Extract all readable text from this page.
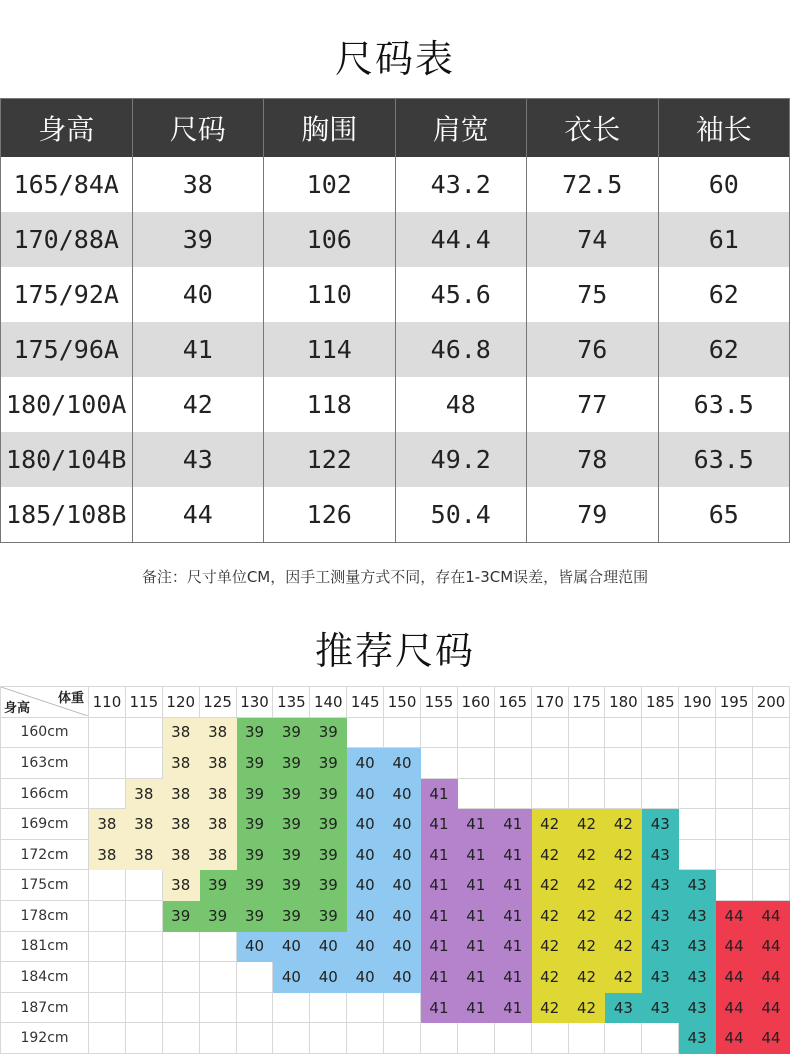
尺码表
身高	尺码	胸围	肩宽	衣长	袖长
165/84A	38	102	43.2	72.5	60
170/88A	39	106	44.4	74	61
175/92A	40	110	45.6	75	62
175/96A	41	114	46.8	76	62
180/100A	42	118	48	77	63.5
180/104B	43	122	49.2	78	63.5
185/108B	44	126	50.4	79	65
备注：尺寸单位CM，因手工测量方式不同，存在1-3CM误差，皆属合理范围
推荐尺码
体重
身高	110	115	120	125	130	135	140	145	150	155	160	165	170	175	180	185	190	195	200
160cm			38	38	39	39	39												
163cm			38	38	39	39	39	40	40										
166cm		38	38	38	39	39	39	40	40	41									
169cm	38	38	38	38	39	39	39	40	40	41	41	41	42	42	42	43			
172cm	38	38	38	38	39	39	39	40	40	41	41	41	42	42	42	43			
175cm			38	39	39	39	39	40	40	41	41	41	42	42	42	43	43		
178cm			39	39	39	39	39	40	40	41	41	41	42	42	42	43	43	44	44
181cm					40	40	40	40	40	41	41	41	42	42	42	43	43	44	44
184cm						40	40	40	40	41	41	41	42	42	42	43	43	44	44
187cm										41	41	41	42	42	43	43	43	44	44
192cm																	43	44	44
